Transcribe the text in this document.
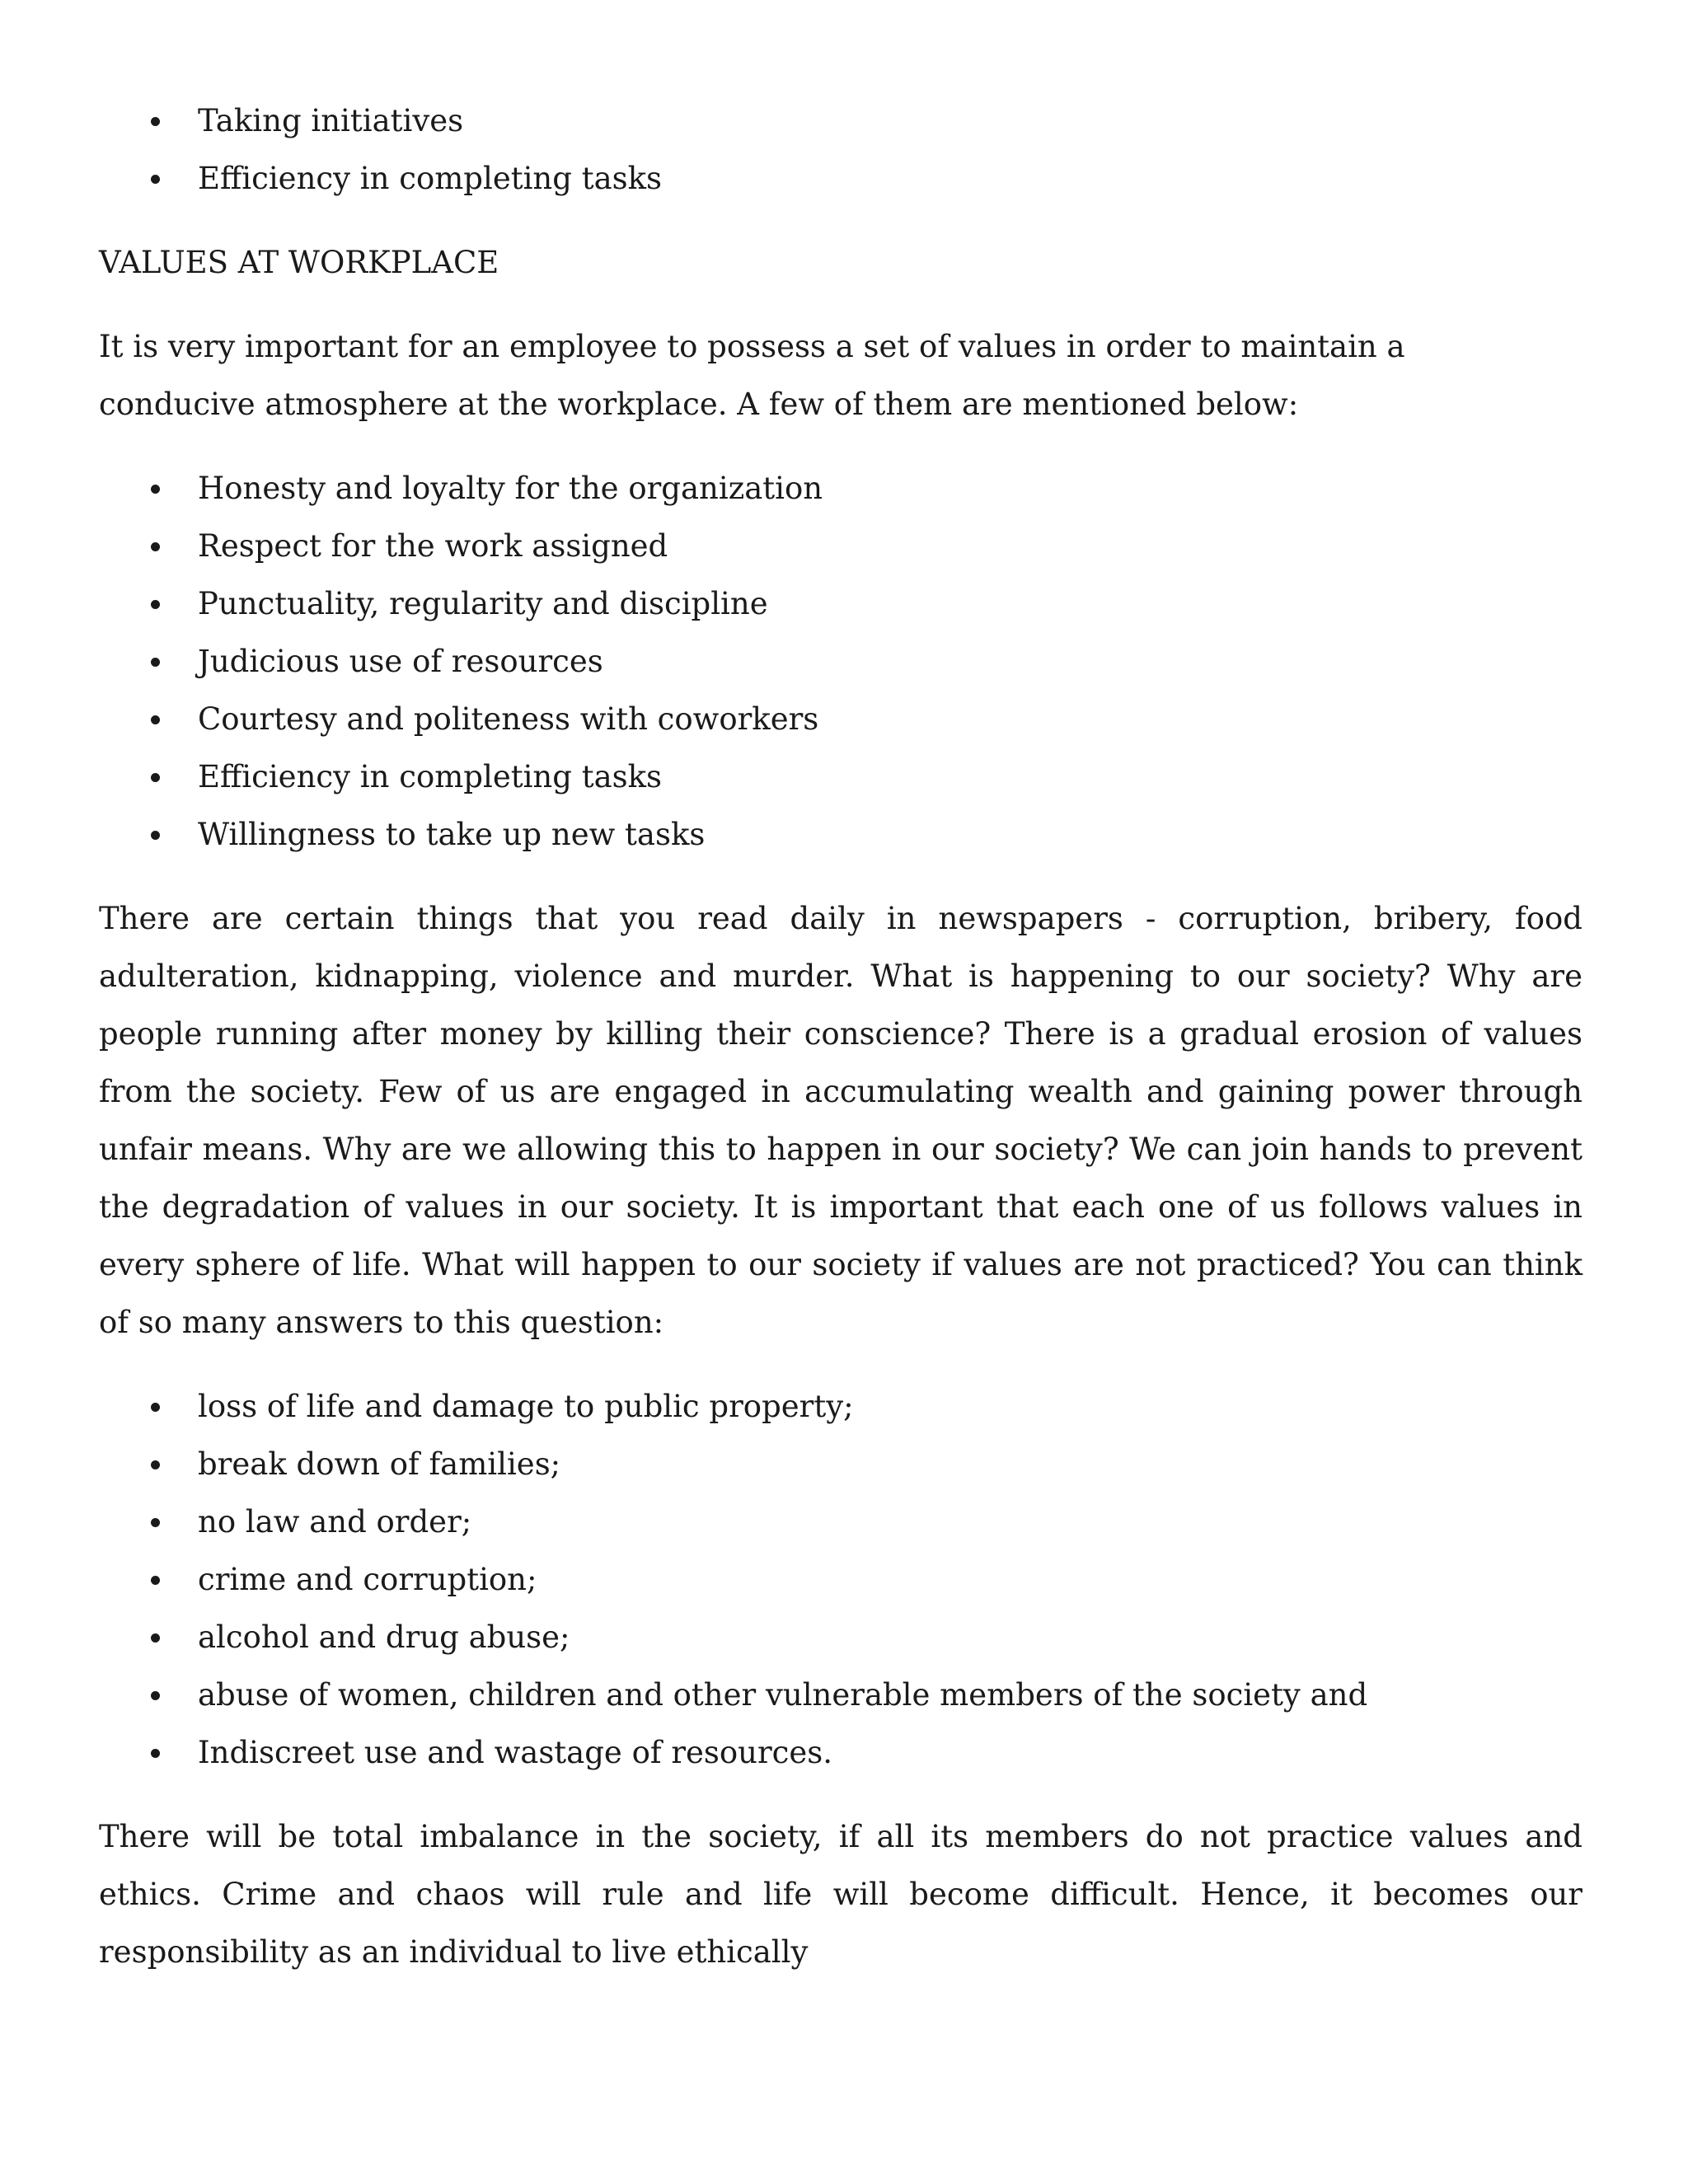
Taking initiatives
Efficiency in completing tasks
VALUES AT WORKPLACE

It is very important for an employee to possess a set of values in order to maintain a conducive atmosphere at the workplace. A few of them are mentioned below:

Honesty and loyalty for the organization
Respect for the work assigned
Punctuality, regularity and discipline
Judicious use of resources
Courtesy and politeness with coworkers
Efficiency in completing tasks
Willingness to take up new tasks

There are certain things that you read daily in newspapers - corruption, bribery, food adulteration, kidnapping, violence and murder. What is happening to our society? Why are people running after money by killing their conscience? There is a gradual erosion of values from the society. Few of us are engaged in accumulating wealth and gaining power through unfair means. Why are we allowing this to happen in our society? We can join hands to prevent the degradation of values in our society. It is important that each one of us follows values in every sphere of life. What will happen to our society if values are not practiced? You can think of so many answers to this question:

loss of life and damage to public property;
break down of families;
no law and order;
crime and corruption;
alcohol and drug abuse;
abuse of women, children and other vulnerable members of the society and
Indiscreet use and wastage of resources.

There will be total imbalance in the society, if all its members do not practice values and ethics. Crime and chaos will rule and life will become difficult. Hence, it becomes our responsibility as an individual to live ethically
